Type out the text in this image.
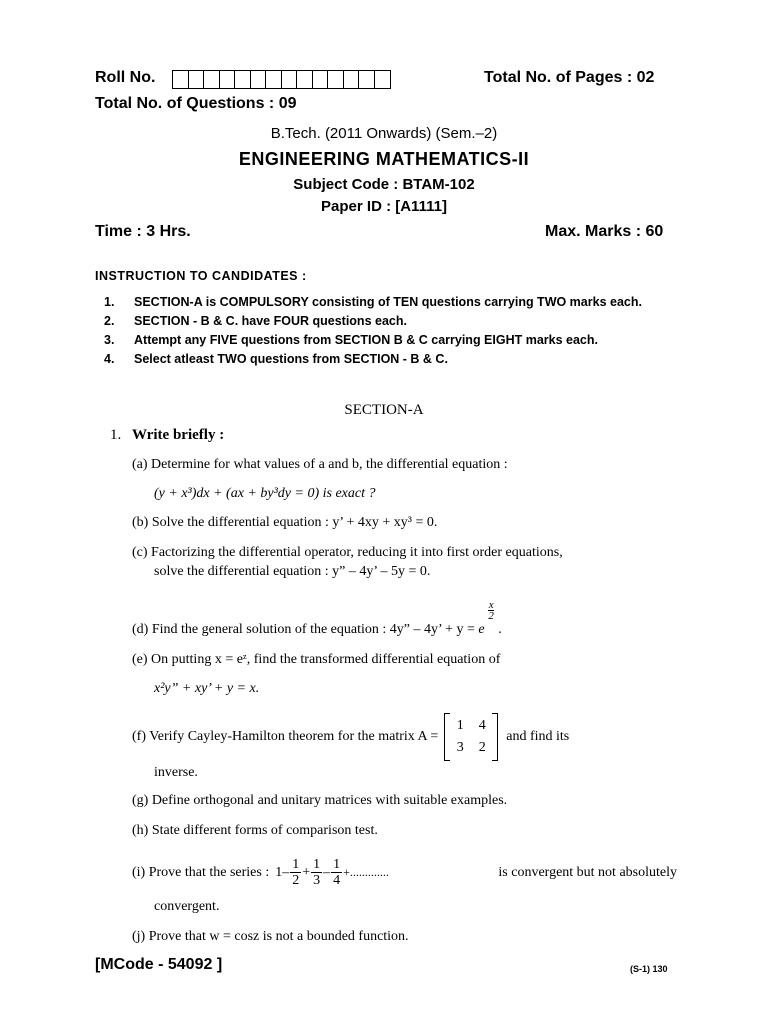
Roll No.	Total No. of Pages : 02
Total No. of Questions : 09
B.Tech. (2011 Onwards) (Sem.–2)
ENGINEERING MATHEMATICS-II
Subject Code : BTAM-102
Paper ID : [A1111]
Time : 3 Hrs.	Max. Marks : 60
INSTRUCTION TO CANDIDATES :
1.	SECTION-A is COMPULSORY consisting of TEN questions carrying TWO marks each.
2.	SECTION - B & C. have FOUR questions each.
3.	Attempt any FIVE questions from SECTION B & C carrying EIGHT marks each.
4.	Select atleast TWO questions from SECTION - B & C.
SECTION-A
1. Write briefly :
(a) Determine for what values of a and b, the differential equation :
(y + x³)dx + (ax + by³dy = 0) is exact ?
(b) Solve the differential equation : y’ + 4xy + xy³ = 0.
(c) Factorizing the differential operator, reducing it into first order equations,
solve the differential equation : y” – 4y’ – 5y = 0.
(d) Find the general solution of the equation : 4y” – 4y’ + y = e
x
2
.
(e) On putting x = eᶻ, find the transformed differential equation of
x²y” + xy’ + y = x.
(f) Verify Cayley-Hamilton theorem for the matrix A =
1	4
3	2
and find its
inverse.
(g) Define orthogonal and unitary matrices with suitable examples.
(h) State different forms of comparison test.
(i) Prove that the series : $1- \frac{1}{2} + \frac{1}{3} - \frac{1}{4}$ +.............	is convergent but not absolutely
convergent.
(j) Prove that w = cosz is not a bounded function.
[MCode - 54092 ]	(S-1) 130
